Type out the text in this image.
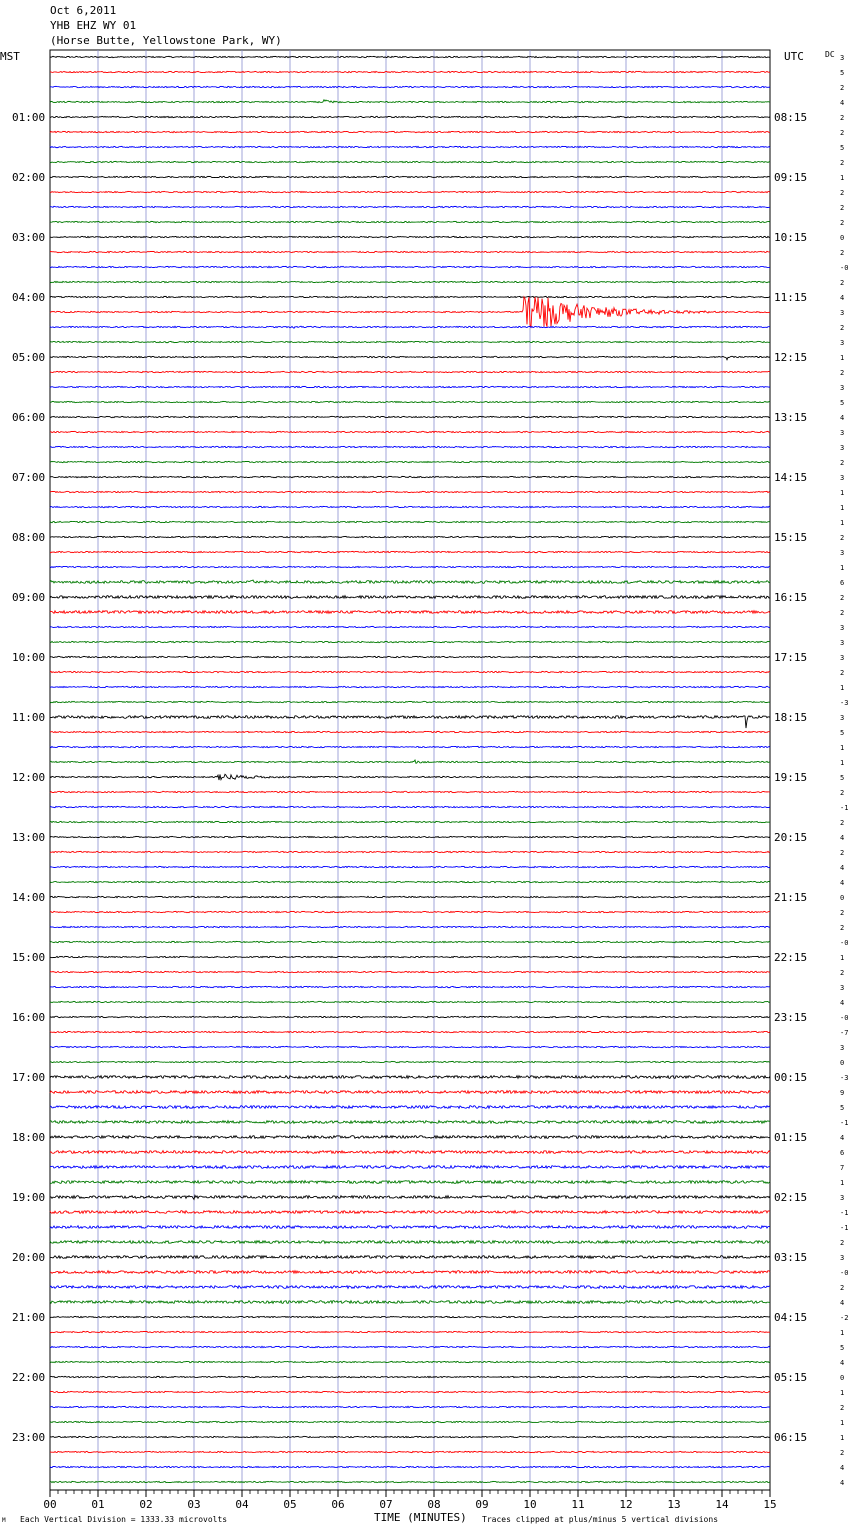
3
5
2
4
2
2
5
2
1
2
2
2
0
2
-0
2
4
3
2
3
1
2
3
5
4
3
3
2
3
1
1
1
2
3
1
6
2
2
3
3
3
2
1
-3
3
5
1
1
5
2
-1
2
4
2
4
4
0
2
2
-0
1
2
3
4
-0
-7
3
0
-3
9
5
-1
4
6
7
1
3
-1
-1
2
3
-0
2
4
-2
1
5
4
0
1
2
1
1
2
4
4
01:00
02:00
03:00
04:00
05:00
06:00
07:00
08:00
09:00
10:00
11:00
12:00
13:00
14:00
15:00
16:00
17:00
18:00
19:00
20:00
21:00
22:00
23:00
08:15
09:15
10:15
11:15
12:15
13:15
14:15
15:15
16:15
17:15
18:15
19:15
20:15
21:15
22:15
23:15
00:15
01:15
02:15
03:15
04:15
05:15
06:15
00	01	02	03	04	05	06	07	08	09	10	11	12	13	14	15
Oct 6,2011
YHB EHZ WY 01
(Horse Butte, Yellowstone Park, WY)
MST	UTC	DC
Each Vertical Division = 1333.33 microvolts	TIME (MINUTES) Traces clipped at plus/minus 5 vertical divisions
M
